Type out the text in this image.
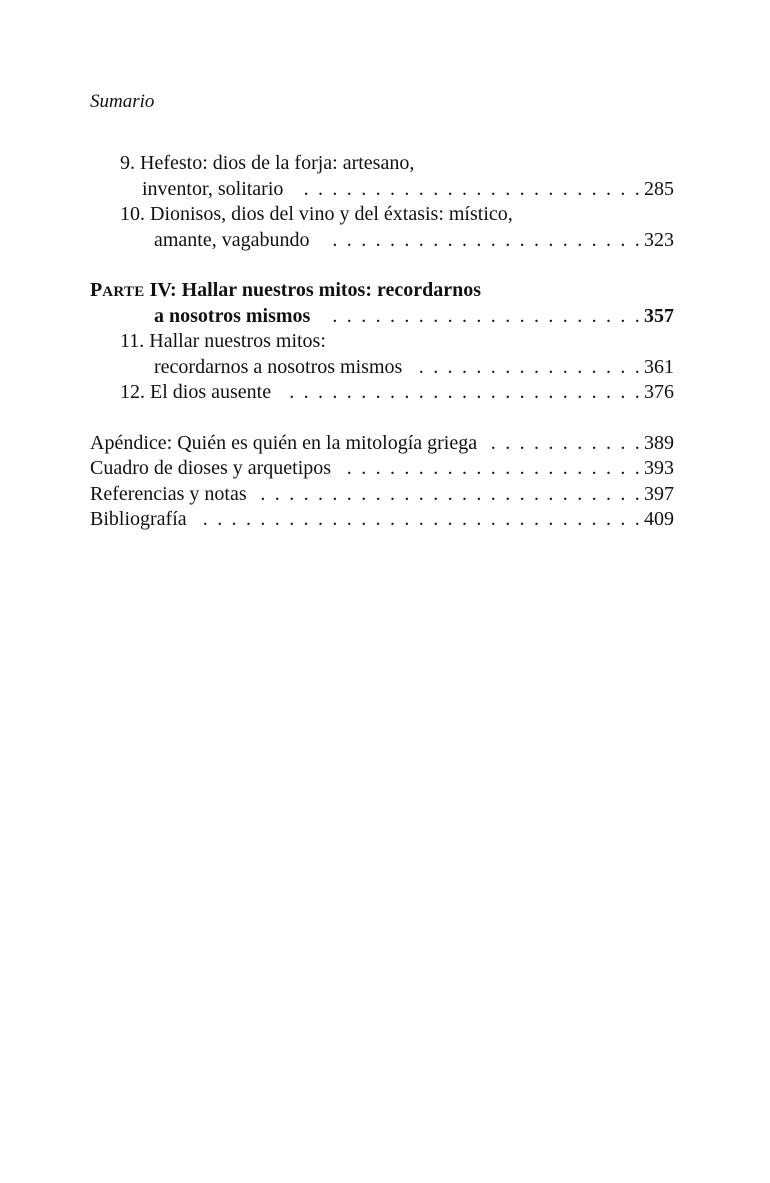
Sumario
9. Hefesto: dios de la forja: artesano,
inventor, solitario . . .	285
10. Dionisos, dios del vino y del éxtasis: místico,
amante, vagabundo . . .	323
PARTE IV: Hallar nuestros mitos: recordarnos
a nosotros mismos . . .	357
11. Hallar nuestros mitos:
recordarnos a nosotros mismos . . .	361
12. El dios ausente . . .	376
Apéndice: Quién es quién en la mitología griega . . .	389
Cuadro de dioses y arquetipos . . .	393
Referencias y notas . . .	397
Bibliografía . . .	409
